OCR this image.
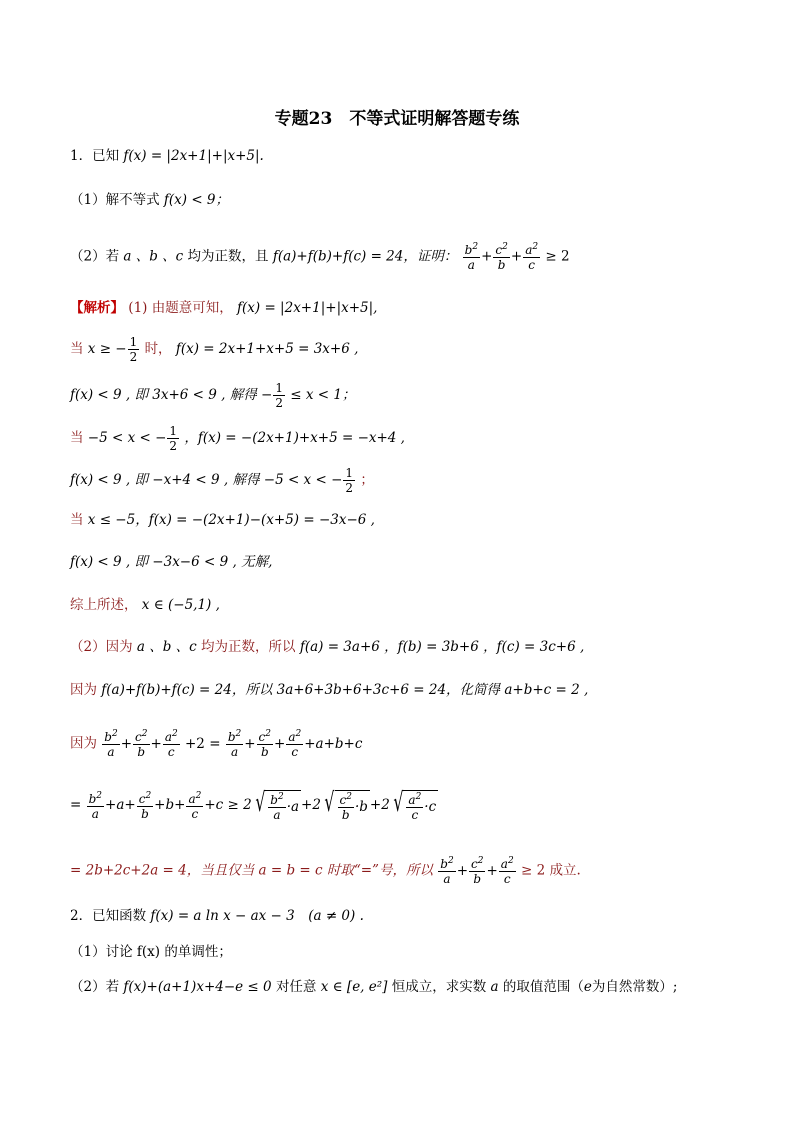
专题23　不等式证明解答题专练
1．已知 f(x) = |2x+1|+|x+5|.
（1）解不等式 f(x) < 9；
（2）若 a 、b 、c 均为正数，且 f(a)+f(b)+f(c) = 24，证明： $\frac{b^2}{a} + \frac{c^2}{b} + \frac{a^2}{c} \ge 2$
【解析】 (1) 由题意可知， f(x) = |2x+1|+|x+5|,
当 x ≥ − $\frac{1}{2}$ 时， f(x) = 2x+1+x+5 = 3x+6 ,
f(x) < 9 , 即 3x+6 < 9 , 解得 − $\frac{1}{2} \le x < 1$；
当 −5 < x < − $\frac{1}{2}$ ，f(x) = −(2x+1)+x+5 = −x+4 ,
f(x) < 9 , 即 −x+4 < 9 , 解得 −5 < x < − $\frac{1}{2}$ ；
当 x ≤ −5，f(x) = −(2x+1)−(x+5) = −3x−6 ,
f(x) < 9 , 即 −3x−6 < 9 , 无解,
综上所述， x ∈ (−5,1) ,
（2）因为 a 、b 、c 均为正数，所以 f(a) = 3a+6 ，f(b) = 3b+6 ，f(c) = 3c+6 ,
因为 f(a)+f(b)+f(c) = 24，所以 3a+6+3b+6+3c+6 = 24，化简得 a+b+c = 2 ,
因为 $\frac{b^2}{a} + \frac{c^2}{b} + \frac{a^2}{c} +2 = \frac{b^2}{a} + \frac{c^2}{b} + \frac{a^2}{c} +a+b+c$
= $\frac{b^2}{a} +a+ \frac{c^2}{b} +b+ \frac{a^2}{c} +c \ge 2$ √ $\frac{b^2}{a} \cdot a +2$ √ $\frac{c^2}{b} \cdot b +2$ √ $\frac{a^2}{c} \cdot c$
= 2b+2c+2a = 4，当且仅当 a = b = c 时取“=”号，所以 $\frac{b^2}{a} + \frac{c^2}{b} + \frac{a^2}{c} \ge 2$ 成立.
2．已知函数 f(x) = a ln x − ax − 3　(a ≠ 0) .
（1）讨论 f(x) 的单调性；
（2）若 f(x)+(a+1)x+4−e ≤ 0 对任意 x ∈ [e, e²] 恒成立，求实数 a 的取值范围（e为自然常数）;
